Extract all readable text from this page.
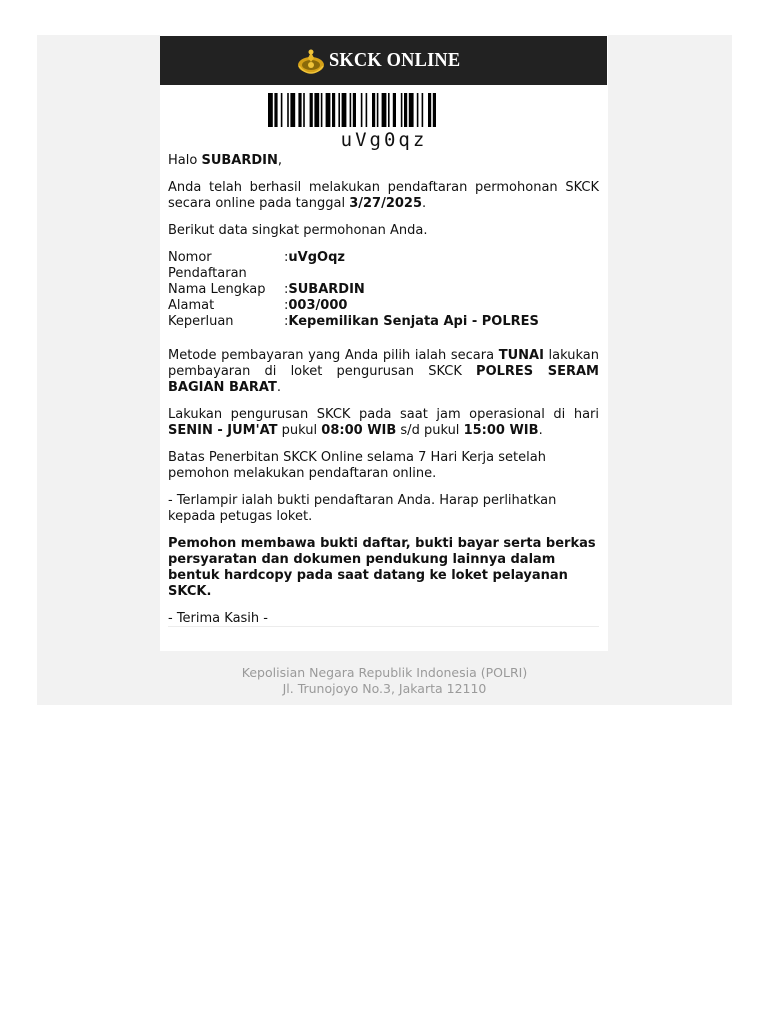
SKCK ONLINE
uVg0qz

Halo SUBARDIN,

Anda telah berhasil melakukan pendaftaran permohonan SKCK secara online pada tanggal 3/27/2025.

Berikut data singkat permohonan Anda.

Nomor Pendaftaran	:	uVgOqz
Nama Lengkap	:	SUBARDIN
Alamat	:	003/000
Keperluan	:	Kepemilikan Senjata Api - POLRES

Metode pembayaran yang Anda pilih ialah secara TUNAI lakukan pembayaran di loket pengurusan SKCK POLRES SERAM BAGIAN BARAT.

Lakukan pengurusan SKCK pada saat jam operasional di hari SENIN - JUM'AT pukul 08:00 WIB s/d pukul 15:00 WIB.

Batas Penerbitan SKCK Online selama 7 Hari Kerja setelah pemohon melakukan pendaftaran online.

- Terlampir ialah bukti pendaftaran Anda. Harap perlihatkan kepada petugas loket.

Pemohon membawa bukti daftar, bukti bayar serta berkas persyaratan dan dokumen pendukung lainnya dalam bentuk hardcopy pada saat datang ke loket pelayanan SKCK.

- Terima Kasih -

Kepolisian Negara Republik Indonesia (POLRI)
Jl. Trunojoyo No.3, Jakarta 12110
